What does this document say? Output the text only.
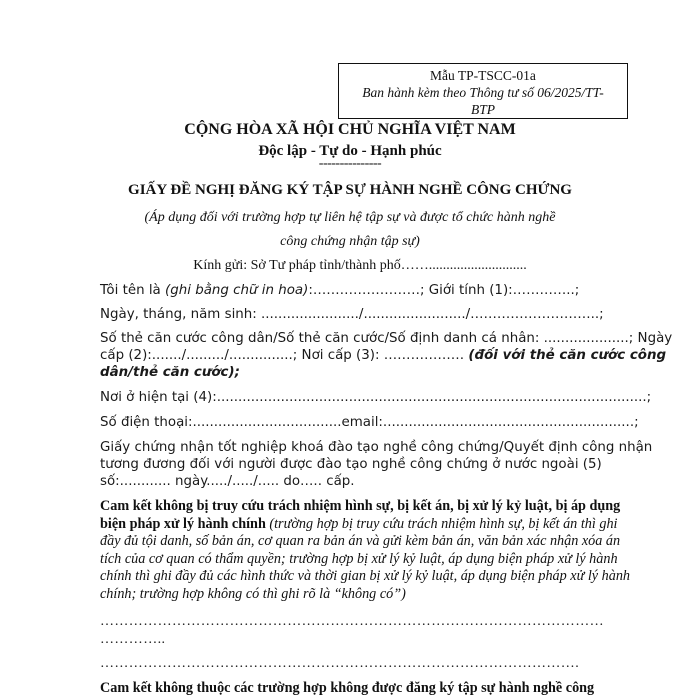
Mẫu TP-TSCC-01a
Ban hành kèm theo Thông tư số 06/2025/TT-
BTP
CỘNG HÒA XÃ HỘI CHỦ NGHĨA VIỆT NAM
Độc lập - Tự do - Hạnh phúc
---------------
GIẤY ĐỀ NGHỊ ĐĂNG KÝ TẬP SỰ HÀNH NGHỀ CÔNG CHỨNG
(Áp dụng đối với trường hợp tự liên hệ tập sự và được tổ chức hành nghề
công chứng nhận tập sự)
Kính gửi: Sở Tư pháp tỉnh/thành phố……............................
Tôi tên là (ghi bằng chữ in hoa):……………………; Giới tính (1):…………..;
Ngày, tháng, năm sinh: ......................./......................../………………………..;
Số thẻ căn cước công dân/Số thẻ căn cước/Số định danh cá nhân: ....................; Ngày
cấp (2):......./........./...............; Nơi cấp (3): ……………… (đối với thẻ căn cước công
dân/thẻ căn cước);
Nơi ở hiện tại (4):.....................................................................................................;
Số điện thoại:...................................email:...........................................................;
Giấy chứng nhận tốt nghiệp khoá đào tạo nghề công chứng/Quyết định công nhận
tương đương đối với người được đào tạo nghề công chứng ở nước ngoài (5)
số:............ ngày...../...../..... do….. cấp.
Cam kết không bị truy cứu trách nhiệm hình sự, bị kết án, bị xử lý kỷ luật, bị áp dụng biện pháp xử lý hành chính (trường hợp bị truy cứu trách nhiệm hình sự, bị kết án thì ghi đầy đủ tội danh, số bản án, cơ quan ra bản án và gửi kèm bản án, văn bản xác nhận xóa án tích của cơ quan có thẩm quyền; trường hợp bị xử lý kỷ luật, áp dụng biện pháp xử lý hành chính thì ghi đầy đủ các hình thức và thời gian bị xử lý kỷ luật, áp dụng biện pháp xử lý hành chính; trường hợp không có thì ghi rõ là “không có”)
……………………………………………………………………………………………
…………..
……………………………………………………………………………………….
Cam kết không thuộc các trường hợp không được đăng ký tập sự hành nghề công
